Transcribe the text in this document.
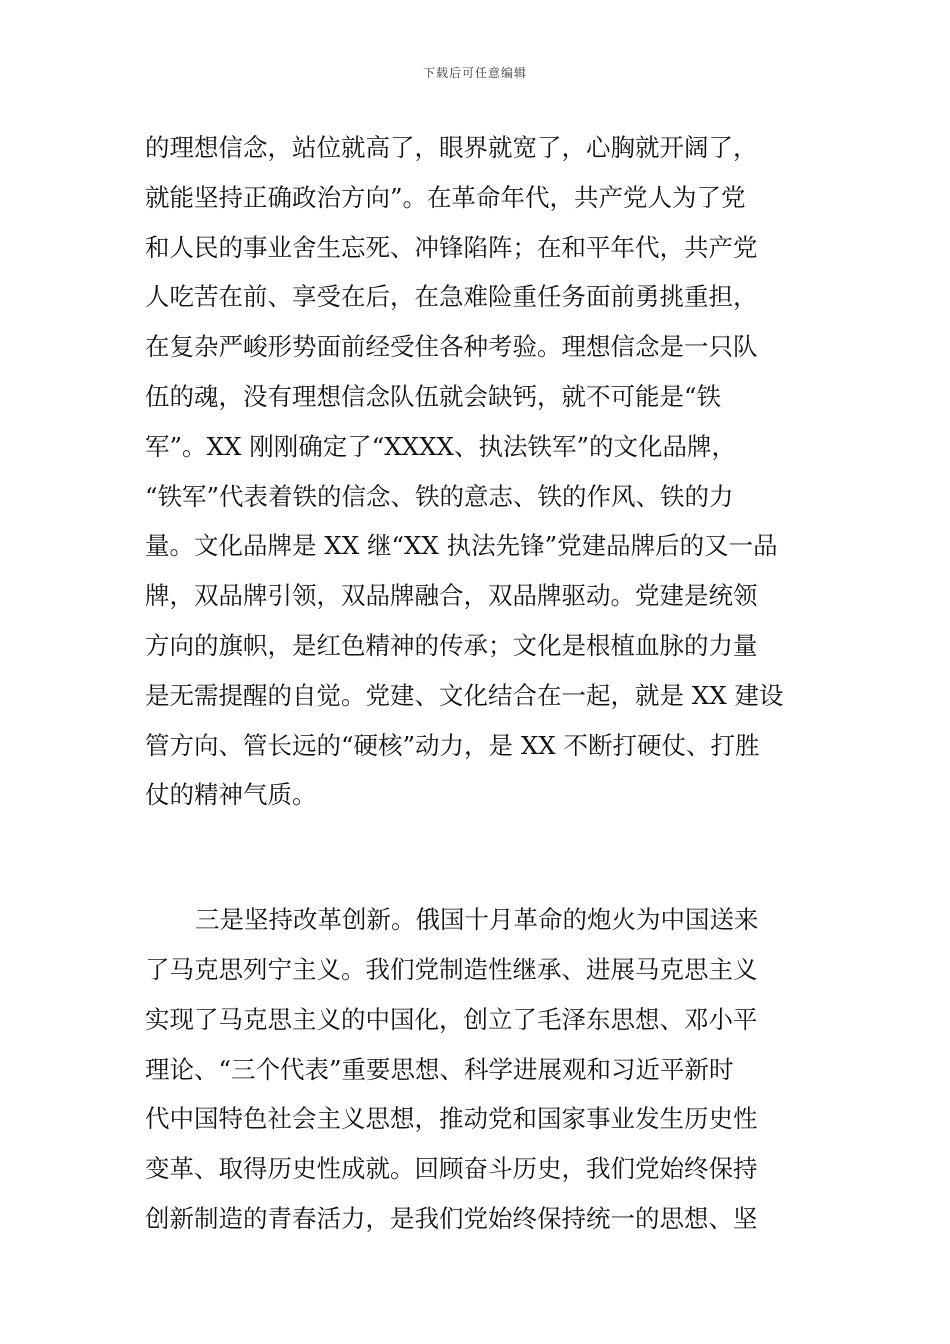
下载后可任意编辑
的理想信念，站位就高了，眼界就宽了，心胸就开阔了，
就能坚持正确政治方向”。在革命年代，共产党人为了党
和人民的事业舍生忘死、冲锋陷阵；在和平年代，共产党
人吃苦在前、享受在后，在急难险重任务面前勇挑重担，
在复杂严峻形势面前经受住各种考验。理想信念是一只队
伍的魂，没有理想信念队伍就会缺钙，就不可能是“铁
军”。XX 刚刚确定了“XXXX、执法铁军”的文化品牌，
“铁军”代表着铁的信念、铁的意志、铁的作风、铁的力
量。文化品牌是 XX 继“XX 执法先锋”党建品牌后的又一品
牌，双品牌引领，双品牌融合，双品牌驱动。党建是统领
方向的旗帜，是红色精神的传承；文化是根植血脉的力量
是无需提醒的自觉。党建、文化结合在一起，就是 XX 建设
管方向、管长远的“硬核”动力，是 XX 不断打硬仗、打胜
仗的精神气质。
三是坚持改革创新。俄国十月革命的炮火为中国送来
了马克思列宁主义。我们党制造性继承、进展马克思主义
实现了马克思主义的中国化，创立了毛泽东思想、邓小平
理论、“三个代表”重要思想、科学进展观和习近平新时
代中国特色社会主义思想，推动党和国家事业发生历史性
变革、取得历史性成就。回顾奋斗历史，我们党始终保持
创新制造的青春活力，是我们党始终保持统一的思想、坚
